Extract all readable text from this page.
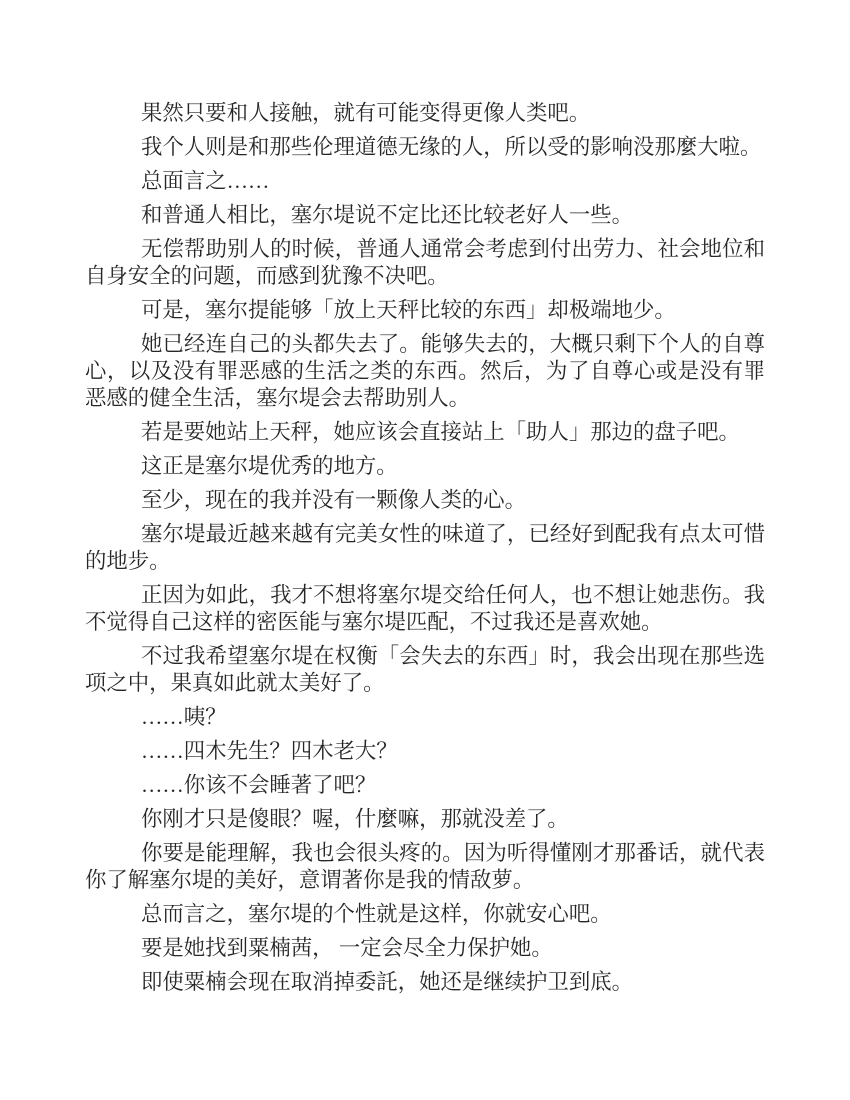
果然只要和人接触，就有可能变得更像人类吧。

我个人则是和那些伦理道德无缘的人，所以受的影响没那麼大啦。

总面言之……

和普通人相比，塞尔堤说不定比还比较老好人一些。

无偿帮助别人的时候，普通人通常会考虑到付出劳力、社会地位和自身安全的问题，而感到犹豫不决吧。

可是，塞尔提能够「放上天秤比较的东西」却极端地少。

她已经连自己的头都失去了。能够失去的，大概只剩下个人的自尊心，以及没有罪恶感的生活之类的东西。然后，为了自尊心或是没有罪恶感的健全生活，塞尔堤会去帮助别人。

若是要她站上天秤，她应该会直接站上「助人」那边的盘子吧。

这正是塞尔堤优秀的地方。

至少，现在的我并没有一颗像人类的心。

塞尔堤最近越来越有完美女性的味道了，已经好到配我有点太可惜的地步。

正因为如此，我才不想将塞尔堤交给任何人，也不想让她悲伤。我不觉得自己这样的密医能与塞尔堤匹配，不过我还是喜欢她。

不过我希望塞尔堤在权衡「会失去的东西」时，我会出现在那些选项之中，果真如此就太美好了。

……咦？

……四木先生？四木老大？

……你该不会睡著了吧？

你刚才只是傻眼？喔，什麼嘛，那就没差了。

你要是能理解，我也会很头疼的。因为听得懂刚才那番话，就代表你了解塞尔堤的美好，意谓著你是我的情敌萝。

总而言之，塞尔堤的个性就是这样，你就安心吧。

要是她找到粟楠茜， 一定会尽全力保护她。

即使粟楠会现在取消掉委託，她还是继续护卫到底。
